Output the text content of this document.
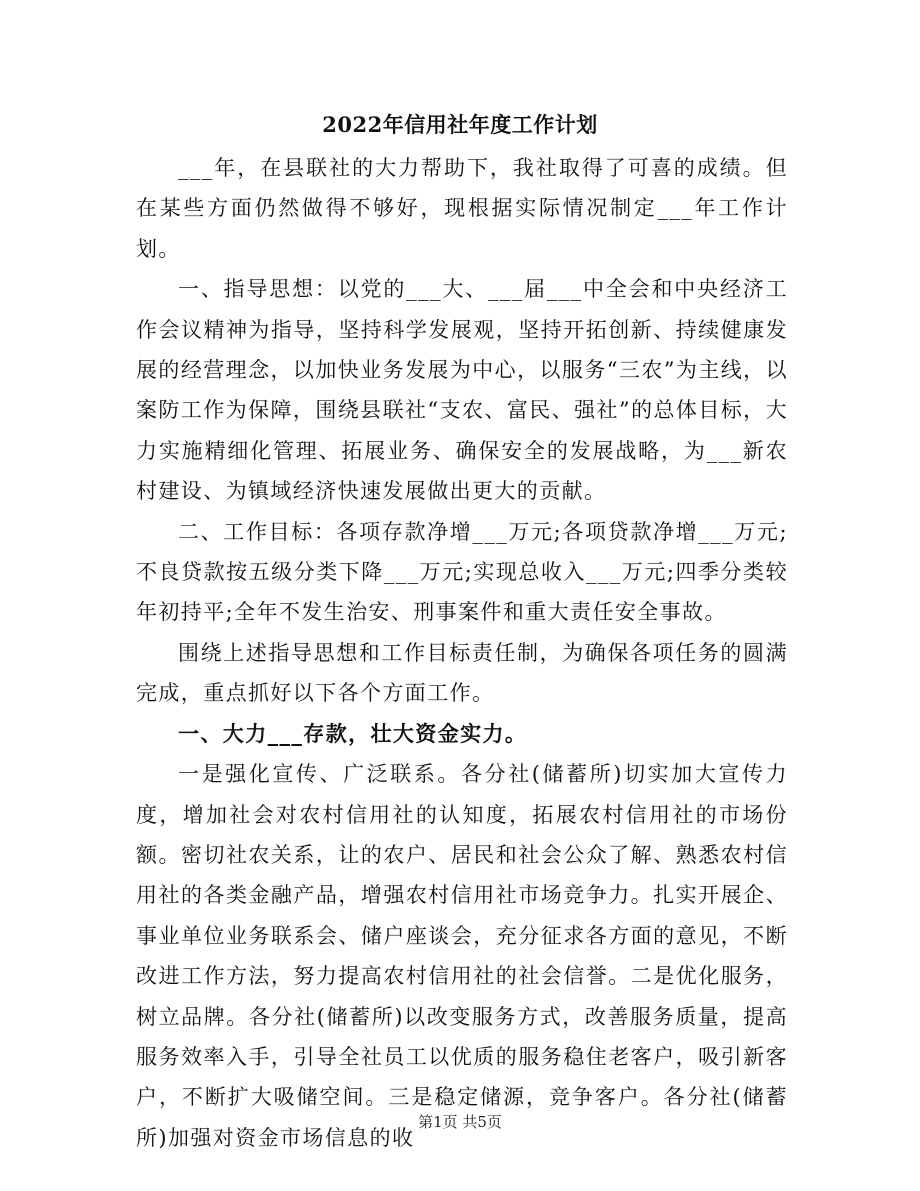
2022年信用社年度工作计划

___年，在县联社的大力帮助下，我社取得了可喜的成绩。但在某些方面仍然做得不够好，现根据实际情况制定___年工作计划。

一、指导思想：以党的___大、___届___中全会和中央经济工作会议精神为指导，坚持科学发展观，坚持开拓创新、持续健康发展的经营理念，以加快业务发展为中心，以服务“三农”为主线，以案防工作为保障，围绕县联社“支农、富民、强社”的总体目标，大力实施精细化管理、拓展业务、确保安全的发展战略，为___新农村建设、为镇域经济快速发展做出更大的贡献。

二、工作目标：各项存款净增___万元;各项贷款净增___万元;不良贷款按五级分类下降___万元;实现总收入___万元;四季分类较年初持平;全年不发生治安、刑事案件和重大责任安全事故。

围绕上述指导思想和工作目标责任制，为确保各项任务的圆满完成，重点抓好以下各个方面工作。

一、大力___存款，壮大资金实力。

一是强化宣传、广泛联系。各分社(储蓄所)切实加大宣传力度，增加社会对农村信用社的认知度，拓展农村信用社的市场份额。密切社农关系，让的农户、居民和社会公众了解、熟悉农村信用社的各类金融产品，增强农村信用社市场竞争力。扎实开展企、事业单位业务联系会、储户座谈会，充分征求各方面的意见，不断改进工作方法，努力提高农村信用社的社会信誉。二是优化服务，树立品牌。各分社(储蓄所)以改变服务方式，改善服务质量，提高服务效率入手，引导全社员工以优质的服务稳住老客户，吸引新客户，不断扩大吸储空间。三是稳定储源，竞争客户。各分社(储蓄所)加强对资金市场信息的收

第1页 共5页
